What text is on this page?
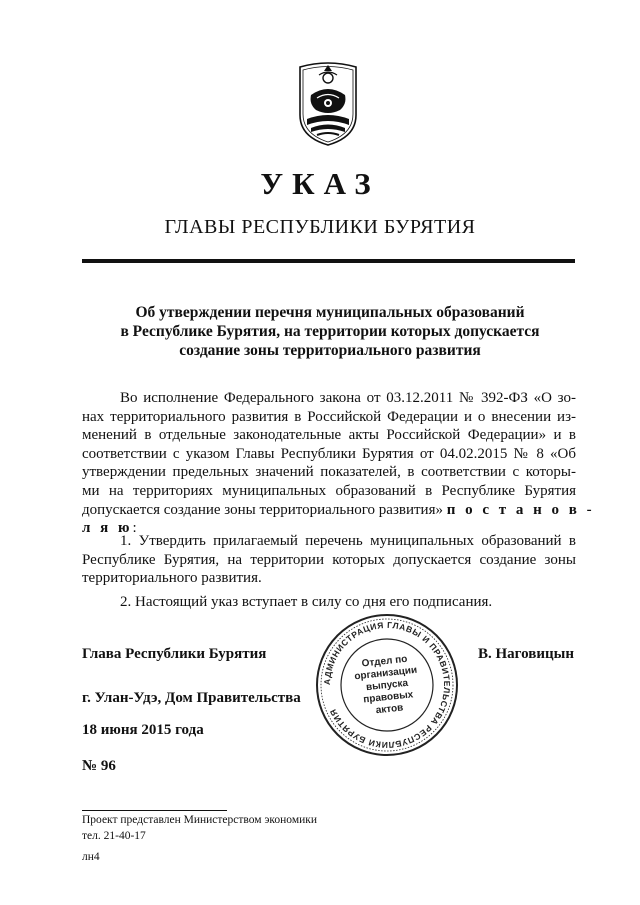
УКАЗ
ГЛАВЫ РЕСПУБЛИКИ БУРЯТИЯ
Об утверждении перечня муниципальных образований
в Республике Бурятия, на территории которых допускается
создание зоны территориального развития
Во исполнение Федерального закона от 03.12.2011 № 392-ФЗ «О зо-
нах территориального развития в Российской Федерации и о внесении из-
менений в отдельные законодательные акты Российской Федерации» и в
соответствии с указом Главы Республики Бурятия от 04.02.2015 № 8 «Об
утверждении предельных значений показателей, в соответствии с которы-
ми на территориях муниципальных образований в Республике Бурятия
допускается создание зоны территориального развития» п о с т а н о в -
л я ю:
1. Утвердить прилагаемый перечень муниципальных образований в
Республике Бурятия, на территории которых допускается создание зоны
территориального развития.
2. Настоящий указ вступает в силу со дня его подписания.
Глава Республики Бурятия	В. Наговицын
г. Улан-Удэ, Дом Правительства
18 июня 2015 года
№ 96
АДМИНИСТРАЦИЯ ГЛАВЫ И ПРАВИТЕЛЬСТВА РЕСПУБЛИКИ БУРЯТИЯ
Отдел по
организации
выпуска
правовых
актов
Проект представлен Министерством экономики
тел. 21-40-17
лн4
